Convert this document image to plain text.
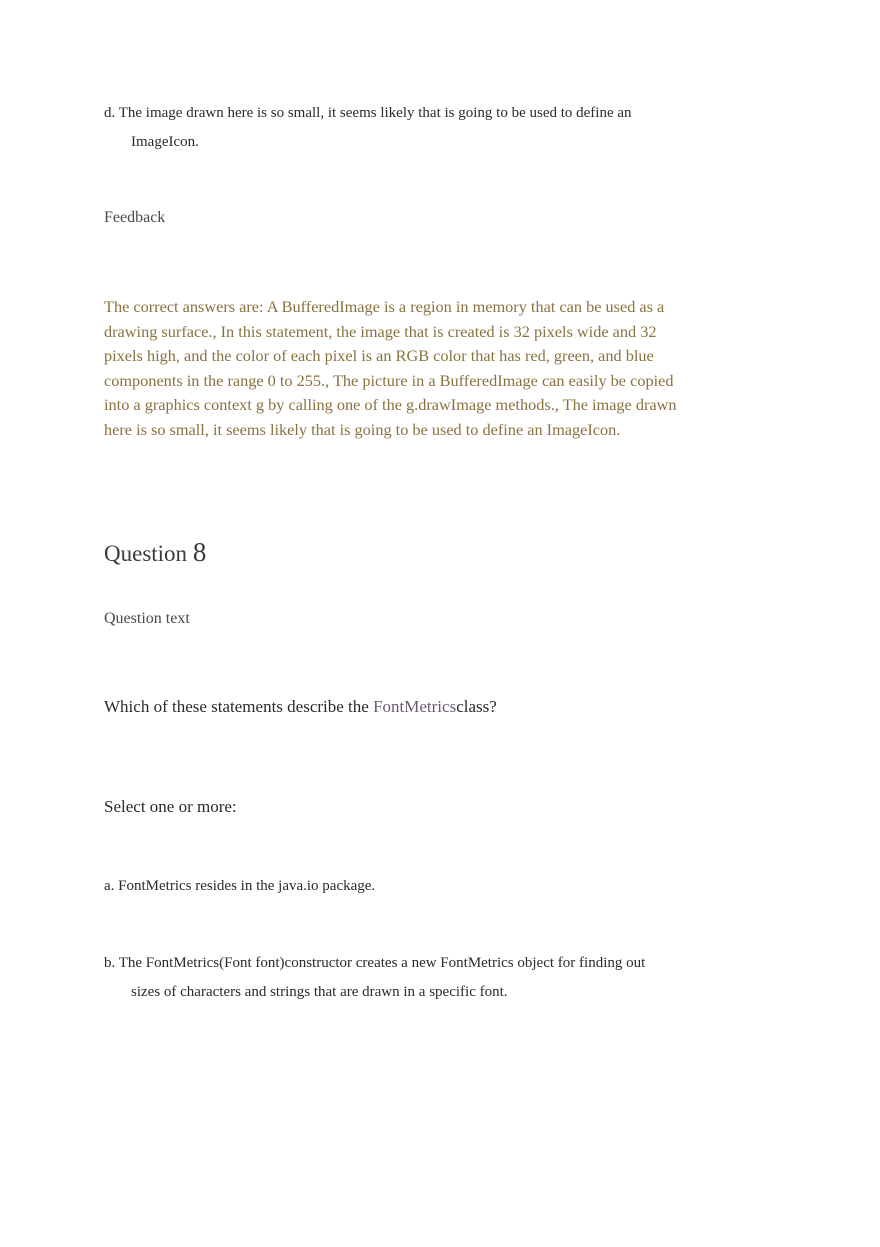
d. The image drawn here is so small, it seems likely that is going to be used to define an
ImageIcon.
Feedback
The correct answers are: A BufferedImage is a region in memory that can be used as a drawing surface., In this statement, the image that is created is 32 pixels wide and 32 pixels high, and the color of each pixel is an RGB color that has red, green, and blue components in the range 0 to 255., The picture in a BufferedImage can easily be copied into a graphics context g by calling one of the g.drawImage methods., The image drawn here is so small, it seems likely that is going to be used to define an ImageIcon.
Question 8
Question text
Which of these statements describe the FontMetricsclass?
Select one or more:
a. FontMetrics resides in the java.io package.
b. The FontMetrics(Font font)constructor creates a new FontMetrics object for finding out
sizes of characters and strings that are drawn in a specific font.
